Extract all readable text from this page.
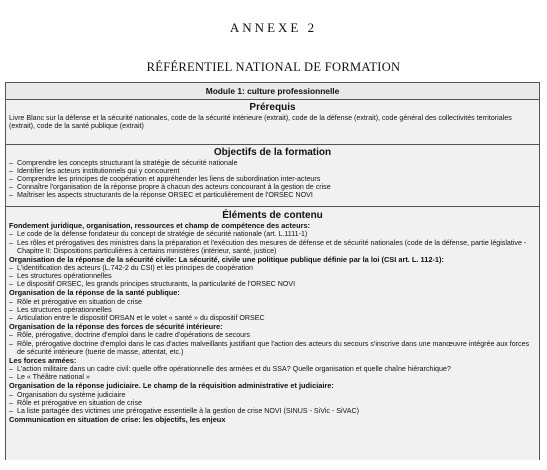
ANNEXE 2
RÉFÉRENTIEL NATIONAL DE FORMATION
Module 1: culture professionnelle
Prérequis
Livre Blanc sur la défense et la sécurité nationales, code de la sécurité intérieure (extrait), code de la défense (extrait), code général des collectivités territoriales (extrait), code de la santé publique (extrait)
Objectifs de la formation
– Comprendre les concepts structurant la stratégie de sécurité nationale
– Identifier les acteurs institutionnels qui y concourent
– Comprendre les principes de coopération et appréhender les liens de subordination inter-acteurs
– Connaître l'organisation de la réponse propre à chacun des acteurs concourant à la gestion de crise
– Maîtriser les aspects structurants de la réponse ORSEC et particulièrement de l'ORSEC NOVI
Éléments de contenu
Fondement juridique, organisation, ressources et champ de compétence des acteurs:
– Le code de la défense fondateur du concept de stratégie de sécurité nationale (art. L.1111-1)
– Les rôles et prérogatives des ministres dans la préparation et l'exécution des mesures de défense et de sécurité nationales (code de la défense, partie législative - Chapitre II: Dispositions particulières à certains ministères (intérieur, santé, justice)
Organisation de la réponse de la sécurité civile: La sécurité, civile une politique publique définie par la loi (CSI art. L. 112-1):
– L'identification des acteurs (L.742-2 du CSI) et les principes de coopération
– Les structures opérationnelles
– Le dispositif ORSEC, les grands principes structurants, la particularité de l'ORSEC NOVI
Organisation de la réponse de la santé publique:
– Rôle et prérogative en situation de crise
– Les structures opérationnelles
– Articulation entre le dispositif ORSAN et le volet « santé » du dispositif ORSEC
Organisation de la réponse des forces de sécurité intérieure:
– Rôle, prérogative, doctrine d'emploi dans le cadre d'opérations de secours
– Rôle, prérogative doctrine d'emploi dans le cas d'actes malveillants justifiant que l'action des acteurs du secours s'inscrive dans une manœuvre intégrée aux forces de sécurité intérieure (tuerie de masse, attentat, etc.)
Les forces armées:
– L'action militaire dans un cadre civil: quelle offre opérationnelle des armées et du SSA? Quelle organisation et quelle chaîne hiérarchique?
– Le « Théâtre national »
Organisation de la réponse judiciaire. Le champ de la réquisition administrative et judiciaire:
– Organisation du système judiciaire
– Rôle et prérogative en situation de crise
– La liste partagée des victimes une prérogative essentielle à la gestion de crise NOVI (SINUS - SiVic - SiVAC)
Communication en situation de crise: les objectifs, les enjeux
